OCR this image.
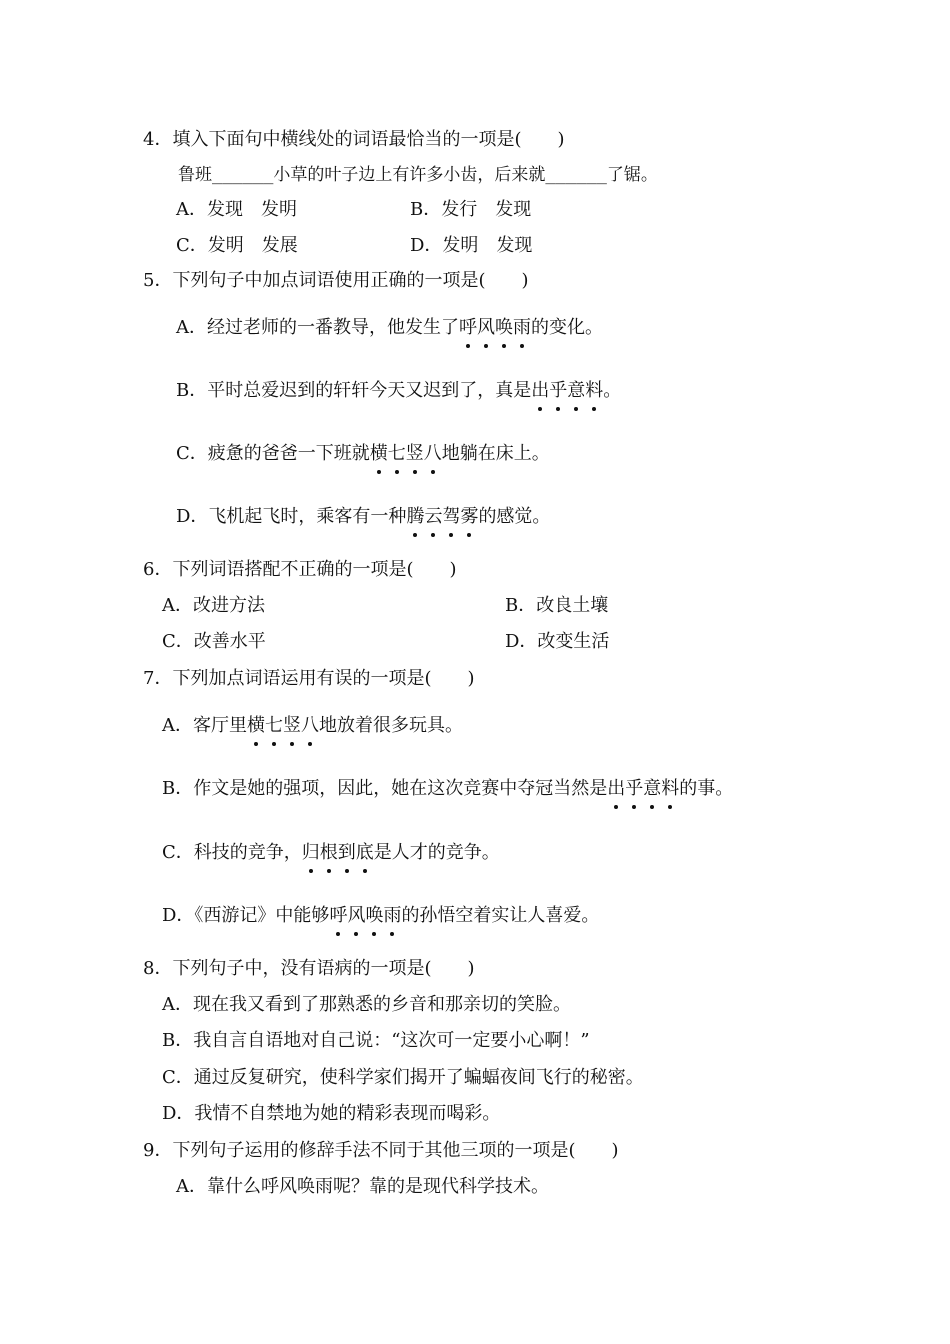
4．填入下面句中横线处的词语最恰当的一项是(　　)
鲁班______小草的叶子边上有许多小齿，后来就______了锯。
A．发现　发明	B．发行　发现
C．发明　发展	D．发明　发现
5．下列句子中加点词语使用正确的一项是(　　)
A．经过老师的一番教导，他发生了呼风唤雨的变化。
B．平时总爱迟到的轩轩今天又迟到了，真是出乎意料。
C．疲惫的爸爸一下班就横七竖八地躺在床上。
D．飞机起飞时，乘客有一种腾云驾雾的感觉。
6．下列词语搭配不正确的一项是(　　)
A．改进方法	B．改良土壤
C．改善水平	D．改变生活
7．下列加点词语运用有误的一项是(　　)
A．客厅里横七竖八地放着很多玩具。
B．作文是她的强项，因此，她在这次竞赛中夺冠当然是出乎意料的事。
C．科技的竞争，归根到底是人才的竞争。
D．《西游记》中能够呼风唤雨的孙悟空着实让人喜爱。
8．下列句子中，没有语病的一项是(　　)
A．现在我又看到了那熟悉的乡音和那亲切的笑脸。
B．我自言自语地对自己说：“这次可一定要小心啊！”
C．通过反复研究，使科学家们揭开了蝙蝠夜间飞行的秘密。
D．我情不自禁地为她的精彩表现而喝彩。
9．下列句子运用的修辞手法不同于其他三项的一项是(　　)
A．靠什么呼风唤雨呢？靠的是现代科学技术。
